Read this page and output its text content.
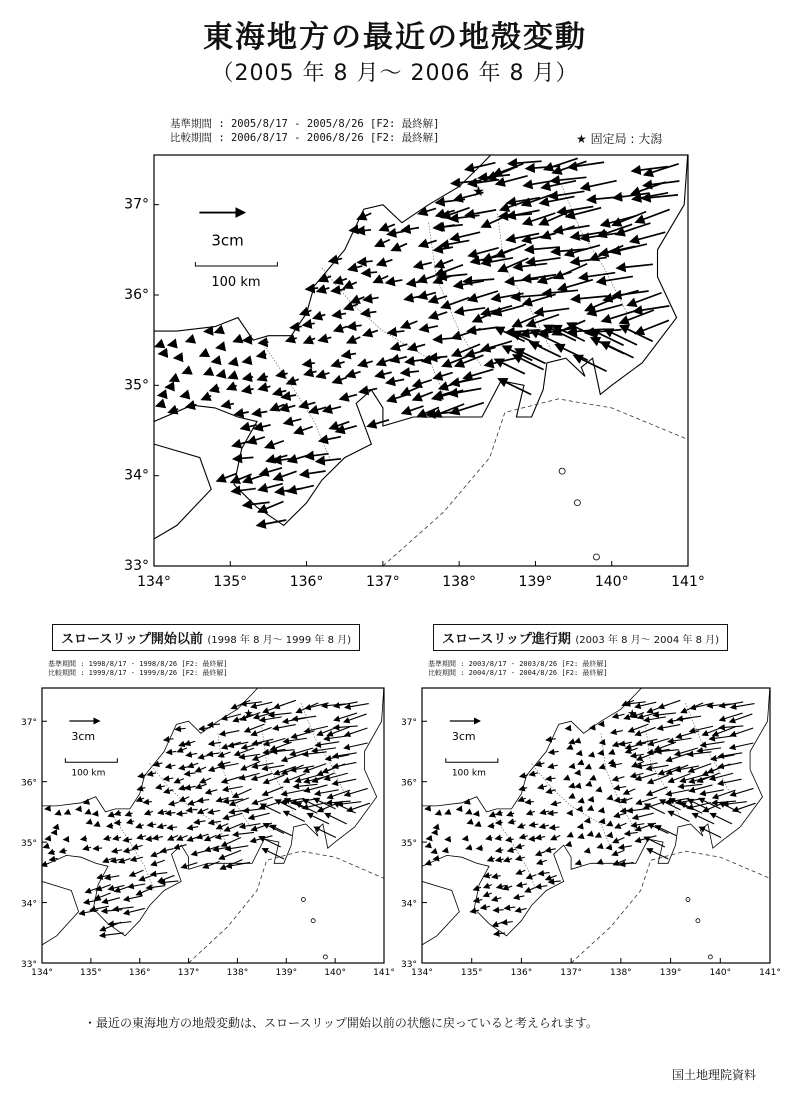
東海地方の最近の地殻変動
（2005 年 8 月～ 2006 年 8 月）
基準期間 : 2005/8/17 - 2005/8/26 [F2: 最終解]
比較期間 : 2006/8/17 - 2006/8/26 [F2: 最終解]	★ 固定局 : 大潟
3cm
100 km
★
134°	135°	136°	137°	138°	139°	140°	141°
37°
36°
35°
34°
33°
スロースリップ開始以前 (1998 年 8 月～ 1999 年 8 月)
基準期間 : 1998/8/17 - 1998/8/26 [F2: 最終解]
比較期間 : 1999/8/17 - 1999/8/26 [F2: 最終解]
3cm
100 km
★
134°	135°	136°	137°	138°	139°	140°	141°
37°
36°
35°
34°
33°
スロースリップ進行期 (2003 年 8 月～ 2004 年 8 月)
基準期間 : 2003/8/17 - 2003/8/26 [F2: 最終解]
比較期間 : 2004/8/17 - 2004/8/26 [F2: 最終解]
3cm
100 km
★
134°	135°	136°	137°	138°	139°	140°	141°
37°
36°
35°
34°
33°
・最近の東海地方の地殻変動は、スロースリップ開始以前の状態に戻っていると考えられます。
国土地理院資料
